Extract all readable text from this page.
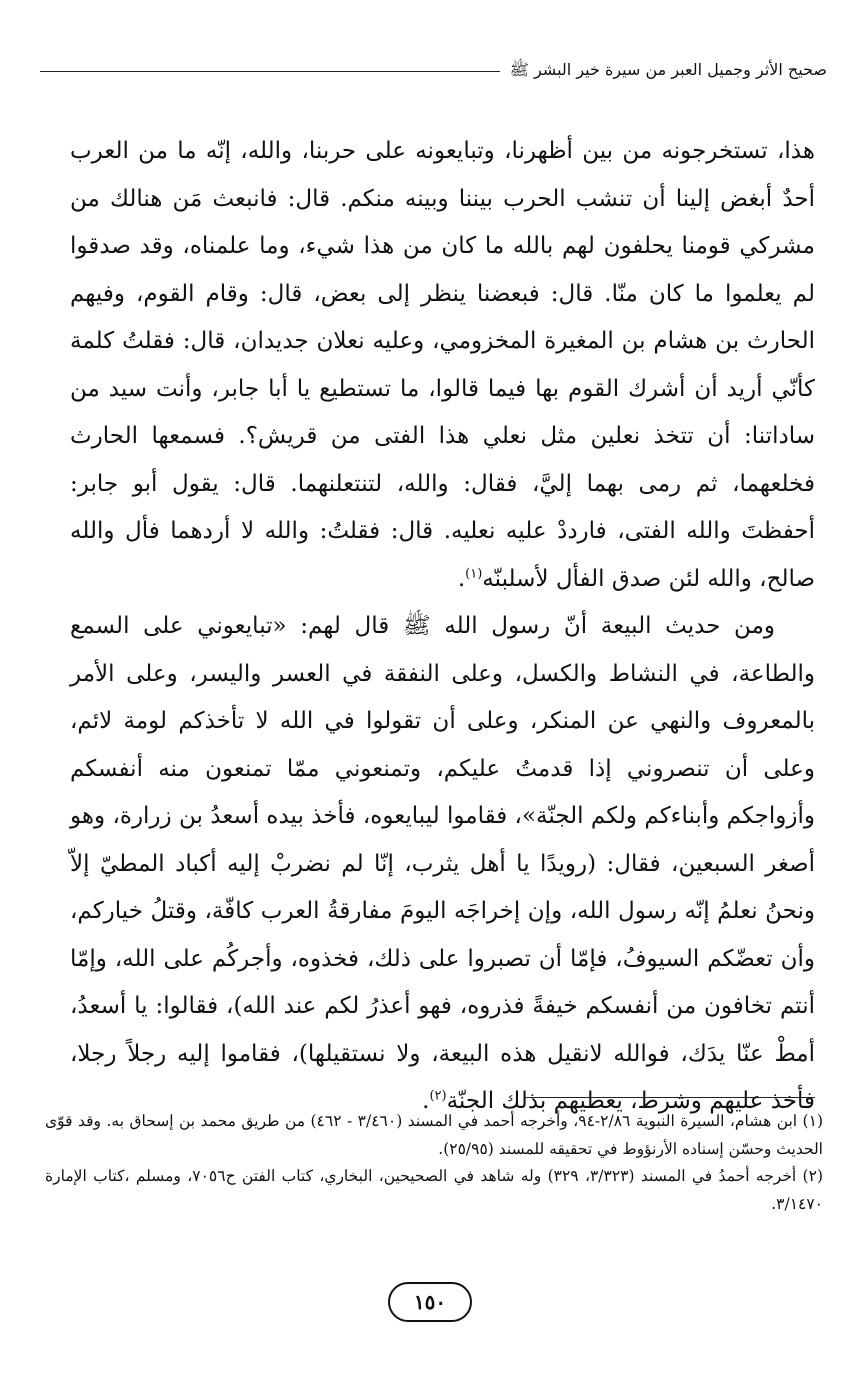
صحيح الأثر وجميل العبر من سيرة خير البشر ﷺ

هذا، تستخرجونه من بين أظهرنا، وتبايعونه على حربنا، والله، إنّه ما من العرب أحدٌ أبغض إلينا أن تنشب الحرب بيننا وبينه منكم. قال: فانبعث مَن هنالك من مشركي قومنا يحلفون لهم بالله ما كان من هذا شيء، وما علمناه، وقد صدقوا لم يعلموا ما كان منّا. قال: فبعضنا ينظر إلى بعض، قال: وقام القوم، وفيهم الحارث بن هشام بن المغيرة المخزومي، وعليه نعلان جديدان، قال: فقلتُ كلمة كأنّي أريد أن أشرك القوم بها فيما قالوا، ما تستطيع يا أبا جابر، وأنت سيد من ساداتنا: أن تتخذ نعلين مثل نعلي هذا الفتى من قريش؟. فسمعها الحارث فخلعهما، ثم رمى بهما إليَّ، فقال: والله، لتنتعلنهما. قال: يقول أبو جابر: أحفظتَ والله الفتى، فارددْ عليه نعليه. قال: فقلتُ: والله لا أردهما فأل والله صالح، والله لئن صدق الفأل لأسلبنّه$^{(١)}$.

ومن حديث البيعة أنّ رسول الله ﷺ قال لهم: «تبايعوني على السمع والطاعة، في النشاط والكسل، وعلى النفقة في العسر واليسر، وعلى الأمر بالمعروف والنهي عن المنكر، وعلى أن تقولوا في الله لا تأخذكم لومة لائم، وعلى أن تنصروني إذا قدمتُ عليكم، وتمنعوني ممّا تمنعون منه أنفسكم وأزواجكم وأبناءكم ولكم الجنّة»، فقاموا ليبايعوه، فأخذ بيده أسعدُ بن زرارة، وهو أصغر السبعين، فقال: (رويدًا يا أهل يثرب، إنّا لم نضربْ إليه أكباد المطيّ إلاّ ونحنُ نعلمُ إنّه رسول الله، وإن إخراجَه اليومَ مفارقةُ العرب كافّة، وقتلُ خياركم، وأن تعضّكم السيوفُ، فإمّا أن تصبروا على ذلك، فخذوه، وأجركُم على الله، وإمّا أنتم تخافون من أنفسكم خيفةً فذروه، فهو أعذرُ لكم عند الله)، فقالوا: يا أسعدُ، أمطْ عنّا يدَك، فوالله لانقيل هذه البيعة، ولا نستقيلها)، فقاموا إليه رجلاً رجلا، فأخذ عليهم وشرط، يعطيهم بذلك الجنّة$^{(٢)}$.

(١) ابن هشام، السيرة النبوية ٢/٨٦-٩٤، وأخرجه أحمد في المسند (٣/٤٦٠ - ٤٦٢) من طريق محمد بن إسحاق به. وقد قوّى الحديث وحسّن إسناده الأرنؤوط في تحقيقه للمسند (٢٥/٩٥).

(٢) أخرجه أحمدُ في المسند (٣/٣٢٣، ٣٢٩) وله شاهد في الصحيحين، البخاري، كتاب الفتن ح٧٠٥٦، ومسلم ،كتاب الإمارة ٣/١٤٧٠.

١٥٠
